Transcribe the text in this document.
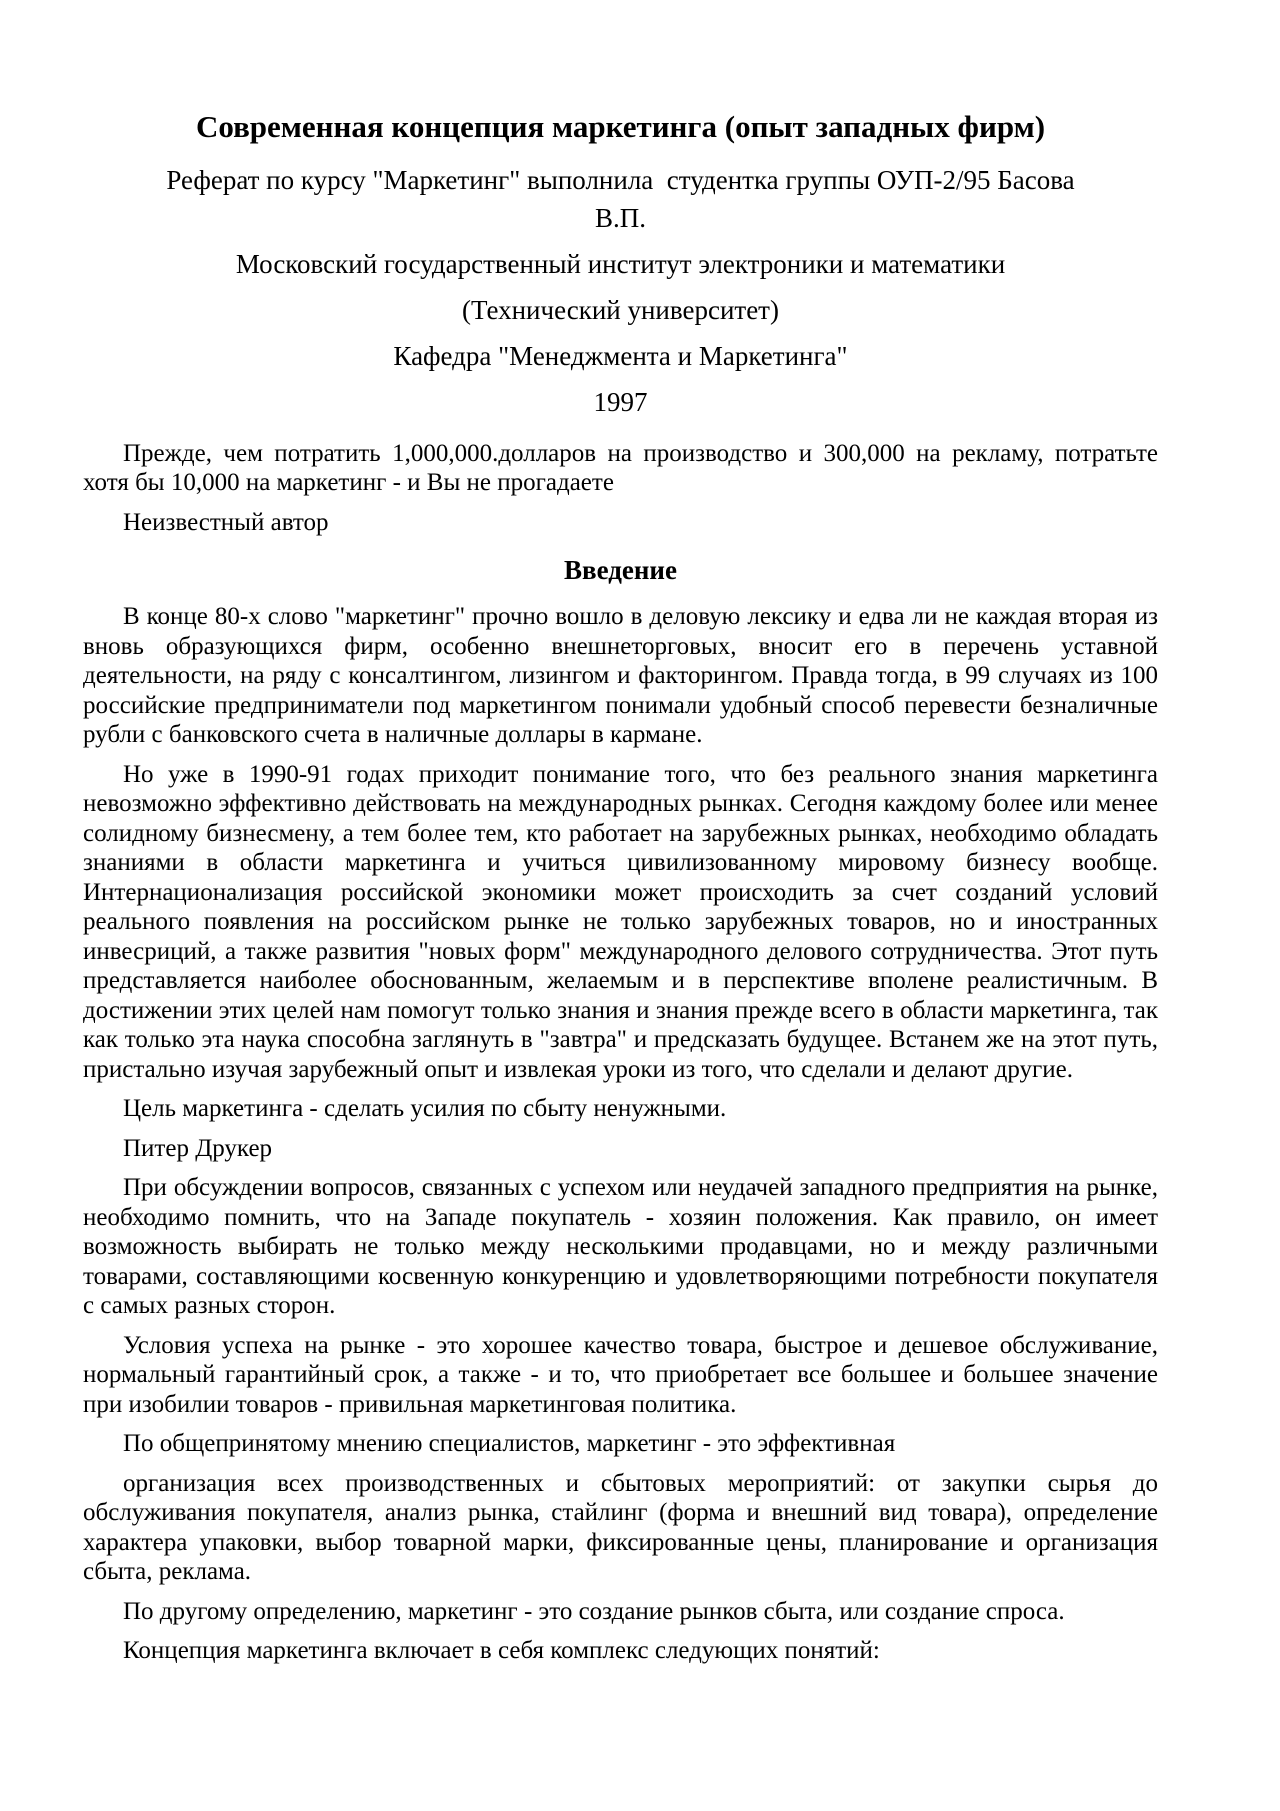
Современная концепция маркетинга (опыт западных фирм)
Реферат по курсу "Маркетинг" выполнила  студентка группы ОУП-2/95 Басова
В.П.
Московский государственный институт электроники и математики
(Технический университет)
Кафедра "Менеджмента и Маркетинга"
1997

Прежде, чем потратить 1,000,000.долларов на производство и 300,000 на рекламу, потратьте хотя бы 10,000 на маркетинг - и Вы не прогадаете

Неизвестный автор

Введение

В конце 80-х слово "маркетинг" прочно вошло в деловую лексику и едва ли не каждая вторая из вновь образующихся фирм, особенно внешнеторговых, вносит его в перечень уставной деятельности, на ряду с консалтингом, лизингом и факторингом. Правда тогда, в 99 случаях из 100 российские предприниматели под маркетингом понимали удобный способ перевести безналичные рубли с банковского счета в наличные доллары в кармане.

Но уже в 1990-91 годах приходит понимание того, что без реального знания маркетинга невозможно эффективно действовать на международных рынках. Сегодня каждому более или менее солидному бизнесмену, а тем более тем, кто работает на зарубежных рынках, необходимо обладать знаниями в области маркетинга и учиться цивилизованному мировому бизнесу вообще. Интернационализация российской экономики может происходить за счет созданий условий реального появления на российском рынке не только зарубежных товаров, но и иностранных инвесриций, а также развития "новых форм" международного делового сотрудничества. Этот путь представляется наиболее обоснованным, желаемым и в перспективе вполене реалистичным. В достижении этих целей нам помогут только знания и знания прежде всего в области маркетинга, так как только эта наука способна заглянуть в "завтра" и предсказать будущее. Встанем же на этот путь, пристально изучая зарубежный опыт и извлекая уроки из того, что сделали и делают другие.

Цель маркетинга - сделать усилия по сбыту ненужными.

Питер Друкер

При обсуждении вопросов, связанных с успехом или неудачей западного предприятия на рынке, необходимо помнить, что на Западе покупатель - хозяин положения. Как правило, он имеет возможность выбирать не только между несколькими продавцами, но и между различными товарами, составляющими косвенную конкуренцию и удовлетворяющими потребности покупателя с самых разных сторон.

Условия успеха на рынке - это хорошее качество товара, быстрое и дешевое обслуживание, нормальный гарантийный срок, а также - и то, что приобретает все большее и большее значение при изобилии товаров - привильная маркетинговая политика.

По общепринятому мнению специалистов, маркетинг - это эффективная

организация всех производственных и сбытовых мероприятий: от закупки сырья до обслуживания покупателя, анализ рынка, стайлинг (форма и внешний вид товара), определение характера упаковки, выбор товарной марки, фиксированные цены, планирование и организация сбыта, реклама.

По другому определению, маркетинг - это создание рынков сбыта, или создание спроса.

Концепция маркетинга включает в себя комплекс следующих понятий:
